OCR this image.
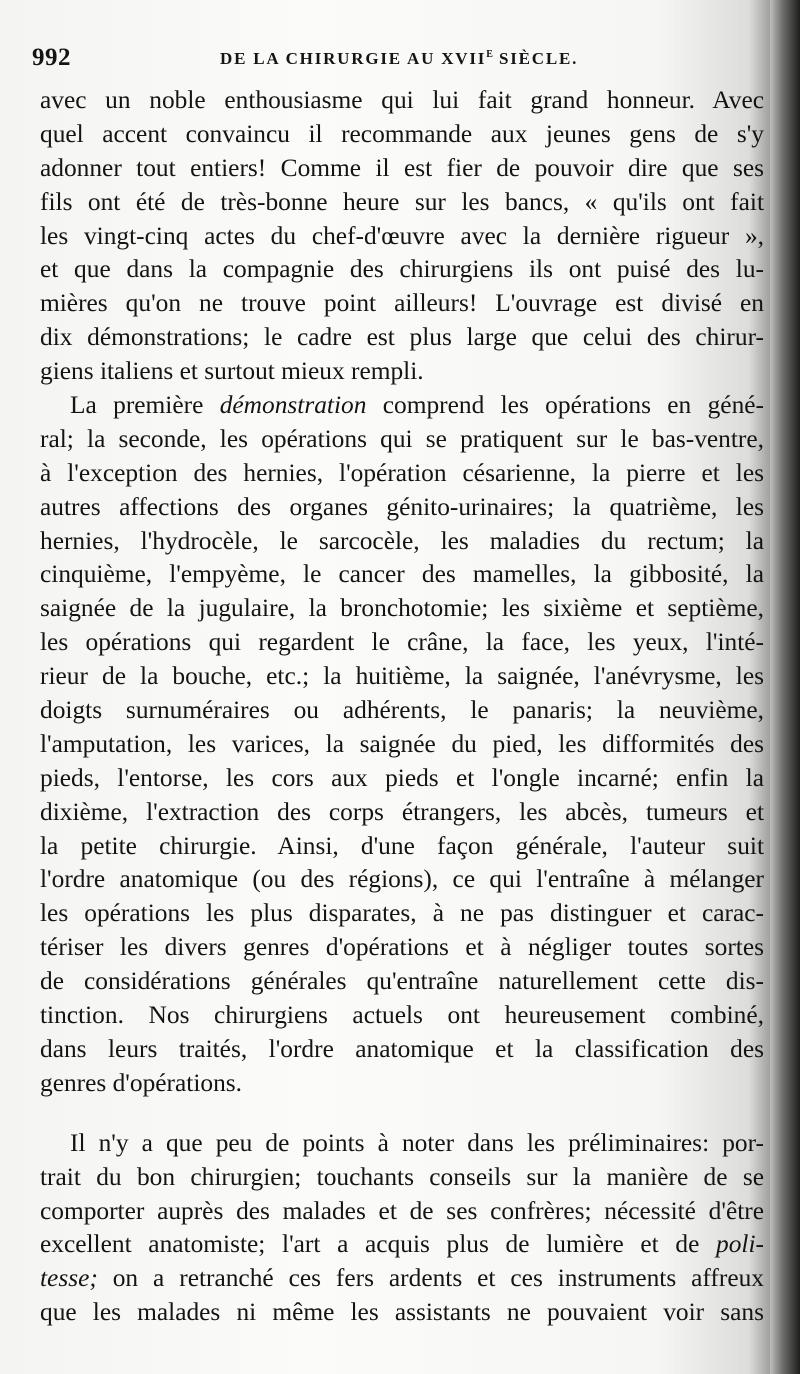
992	DE LA CHIRURGIE AU $XVII^E$ SIÈCLE.
avec un noble enthousiasme qui lui fait grand honneur. Avec
quel accent convaincu il recommande aux jeunes gens de s'y
adonner tout entiers! Comme il est fier de pouvoir dire que ses
fils ont été de très-bonne heure sur les bancs, « qu'ils ont fait
les vingt-cinq actes du chef-d'œuvre avec la dernière rigueur »,
et que dans la compagnie des chirurgiens ils ont puisé des lu-
mières qu'on ne trouve point ailleurs! L'ouvrage est divisé en
dix démonstrations; le cadre est plus large que celui des chirur-
giens italiens et surtout mieux rempli.
La première démonstration comprend les opérations en géné-
ral; la seconde, les opérations qui se pratiquent sur le bas-ventre,
à l'exception des hernies, l'opération césarienne, la pierre et les
autres affections des organes génito-urinaires; la quatrième, les
hernies, l'hydrocèle, le sarcocèle, les maladies du rectum; la
cinquième, l'empyème, le cancer des mamelles, la gibbosité, la
saignée de la jugulaire, la bronchotomie; les sixième et septième,
les opérations qui regardent le crâne, la face, les yeux, l'inté-
rieur de la bouche, etc.; la huitième, la saignée, l'anévrysme, les
doigts surnuméraires ou adhérents, le panaris; la neuvième,
l'amputation, les varices, la saignée du pied, les difformités des
pieds, l'entorse, les cors aux pieds et l'ongle incarné; enfin la
dixième, l'extraction des corps étrangers, les abcès, tumeurs et
la petite chirurgie. Ainsi, d'une façon générale, l'auteur suit
l'ordre anatomique (ou des régions), ce qui l'entraîne à mélanger
les opérations les plus disparates, à ne pas distinguer et carac-
tériser les divers genres d'opérations et à négliger toutes sortes
de considérations générales qu'entraîne naturellement cette dis-
tinction. Nos chirurgiens actuels ont heureusement combiné,
dans leurs traités, l'ordre anatomique et la classification des
genres d'opérations.
Il n'y a que peu de points à noter dans les préliminaires: por-
trait du bon chirurgien; touchants conseils sur la manière de se
comporter auprès des malades et de ses confrères; nécessité d'être
excellent anatomiste; l'art a acquis plus de lumière et de poli-
tesse; on a retranché ces fers ardents et ces instruments affreux
que les malades ni même les assistants ne pouvaient voir sans
